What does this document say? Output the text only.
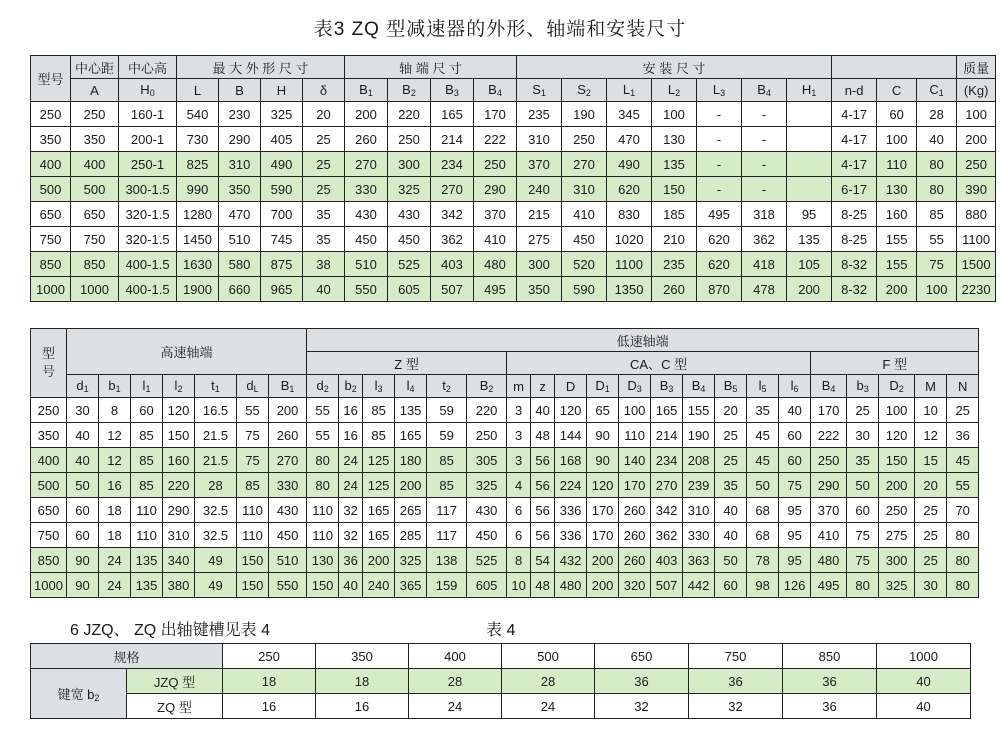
表3 ZQ 型减速器的外形、轴端和安装尺寸
型号	中心距	中心高	最 大 外 形 尺 寸				轴 端 尺 寸				安 装 尺 寸										质量
	A	$H_0$	L	B	H	δ	$B_1$	$B_2$	$B_3$	$B_4$	$S_1$	$S_2$	$L_1$	$L_2$	$L_3$	$B_4$	$H_1$	n-d	C	$C_1$	(Kg)
250	250	160-1	540	230	325	20	200	220	165	170	235	190	345	100	-	-		4-17	60	28	100
350	350	200-1	730	290	405	25	260	250	214	222	310	250	470	130	-	-		4-17	100	40	200
400	400	250-1	825	310	490	25	270	300	234	250	370	270	490	135	-	-		4-17	110	80	250
500	500	300-1.5	990	350	590	25	330	325	270	290	240	310	620	150	-	-		6-17	130	80	390
650	650	320-1.5	1280	470	700	35	430	430	342	370	215	410	830	185	495	318	95	8-25	160	85	880
750	750	320-1.5	1450	510	745	35	450	450	362	410	275	450	1020	210	620	362	135	8-25	155	55	1100
850	850	400-1.5	1630	580	875	38	510	525	403	480	300	520	1100	235	620	418	105	8-32	155	75	1500
1000	1000	400-1.5	1900	660	965	40	550	605	507	495	350	590	1350	260	870	478	200	8-32	200	100	2230
型
号	高速轴端							低速轴端																				
								Z 型						CA、C 型										F 型				
	$d_1$	$b_1$	$l_1$	$l_2$	$t_1$	$d_L$	$B_1$	$d_2$	$b_2$	$l_3$	$l_4$	$t_2$	$B_2$	m	z	D	$D_1$	$D_3$	$B_3$	$B_4$	$B_5$	$l_5$	$l_6$	$B_4$	$b_3$	$D_2$	M	N
250	30	8	60	120	16.5	55	200	55	16	85	135	59	220	3	40	120	65	100	165	155	20	35	40	170	25	100	10	25
350	40	12	85	150	21.5	75	260	55	16	85	165	59	250	3	48	144	90	110	214	190	25	45	60	222	30	120	12	36
400	40	12	85	160	21.5	75	270	80	24	125	180	85	305	3	56	168	90	140	234	208	25	45	60	250	35	150	15	45
500	50	16	85	220	28	85	330	80	24	125	200	85	325	4	56	224	120	170	270	239	35	50	75	290	50	200	20	55
650	60	18	110	290	32.5	110	430	110	32	165	265	117	430	6	56	336	170	260	342	310	40	68	95	370	60	250	25	70
750	60	18	110	310	32.5	110	450	110	32	165	285	117	450	6	56	336	170	260	362	330	40	68	95	410	75	275	25	80
850	90	24	135	340	49	150	510	130	36	200	325	138	525	8	54	432	200	260	403	363	50	78	95	480	75	300	25	80
1000	90	24	135	380	49	150	550	150	40	240	365	159	605	10	48	480	200	320	507	442	60	98	126	495	80	325	30	80
6 JZQ、 ZQ 出轴键槽见表 4	表 4
规格		250	350	400	500	650	750	850	1000
键宽 $b_2$	JZQ 型	18	18	28	28	36	36	36	40
	ZQ 型	16	16	24	24	32	32	36	40
